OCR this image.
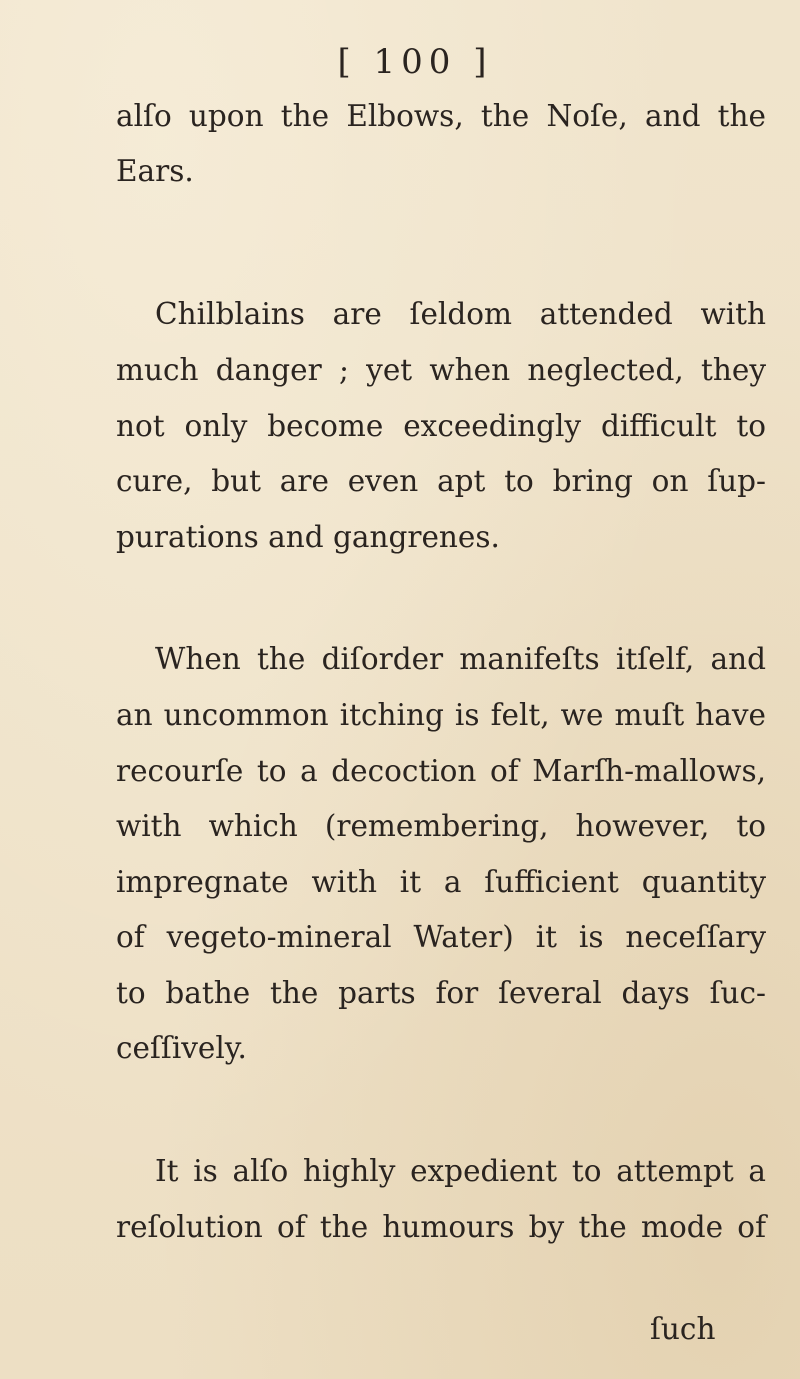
[ 100 ]
alſo upon the Elbows, the Noſe, and the
Ears.
Chilblains are ſeldom attended with
much danger ; yet when neglected, they
not only become exceedingly difficult to
cure, but are even apt to bring on ſup-
purations and gangrenes.
When the diſorder manifeſts itſelf, and
an uncommon itching is felt, we muſt have
recourſe to a decoction of Marſh-mallows,
with which (remembering, however, to
impregnate with it a ſufficient quantity
of vegeto-mineral Water) it is neceſſary
to bathe the parts for ſeveral days ſuc-
ceſſively.
It is alſo highly expedient to attempt a
reſolution of the humours by the mode of
ſuch
